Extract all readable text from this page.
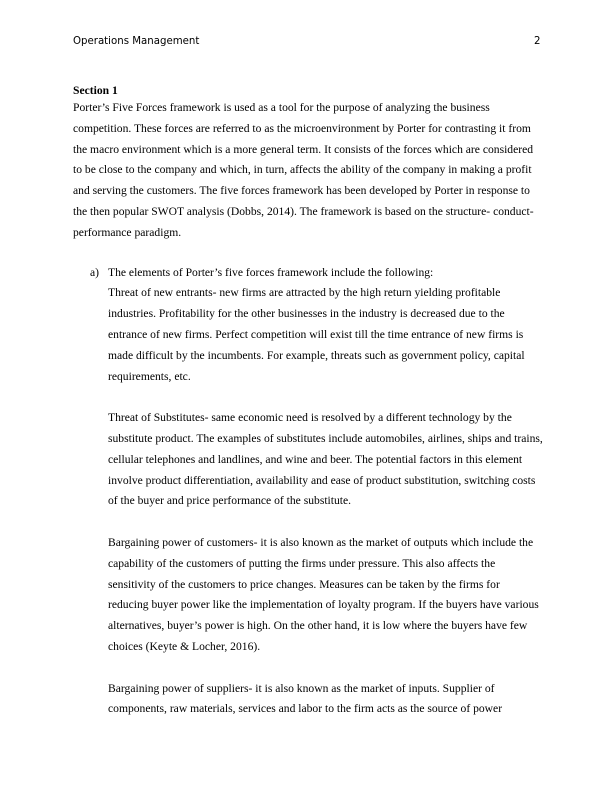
Operations Management	2

Section 1

Porter’s Five Forces framework is used as a tool for the purpose of analyzing the business competition. These forces are referred to as the microenvironment by Porter for contrasting it from the macro environment which is a more general term. It consists of the forces which are considered to be close to the company and which, in turn, affects the ability of the company in making a profit and serving the customers. The five forces framework has been developed by Porter in response to the then popular SWOT analysis (Dobbs, 2014). The framework is based on the structure- conduct- performance paradigm.

a) The elements of Porter’s five forces framework include the following:

Threat of new entrants- new firms are attracted by the high return yielding profitable industries. Profitability for the other businesses in the industry is decreased due to the entrance of new firms. Perfect competition will exist till the time entrance of new firms is made difficult by the incumbents. For example, threats such as government policy, capital requirements, etc.

Threat of Substitutes- same economic need is resolved by a different technology by the substitute product. The examples of substitutes include automobiles, airlines, ships and trains, cellular telephones and landlines, and wine and beer. The potential factors in this element involve product differentiation, availability and ease of product substitution, switching costs of the buyer and price performance of the substitute.

Bargaining power of customers- it is also known as the market of outputs which include the capability of the customers of putting the firms under pressure. This also affects the sensitivity of the customers to price changes. Measures can be taken by the firms for reducing buyer power like the implementation of loyalty program. If the buyers have various alternatives, buyer’s power is high. On the other hand, it is low where the buyers have few choices (Keyte & Locher, 2016).

Bargaining power of suppliers- it is also known as the market of inputs. Supplier of components, raw materials, services and labor to the firm acts as the source of power
